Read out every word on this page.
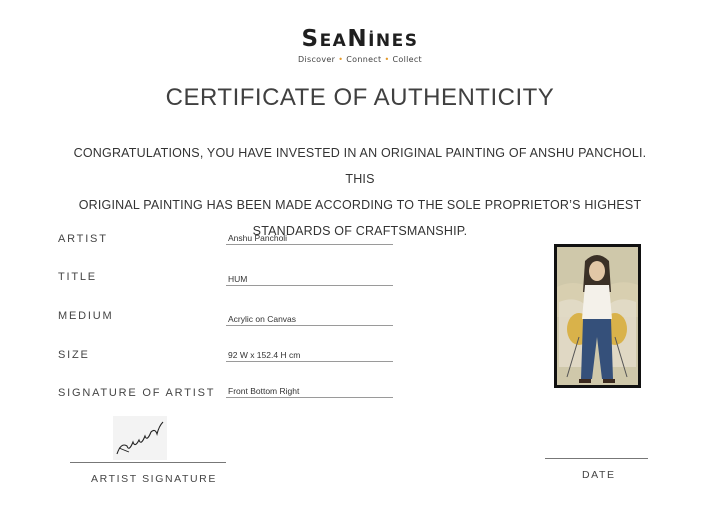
SEANINES
Discover • Connect • Collect
CERTIFICATE OF AUTHENTICITY
CONGRATULATIONS, YOU HAVE INVESTED IN AN ORIGINAL PAINTING OF ANSHU PANCHOLI. THIS
ORIGINAL PAINTING HAS BEEN MADE ACCORDING TO THE SOLE PROPRIETOR’S HIGHEST
STANDARDS OF CRAFTSMANSHIP.
ARTIST	Anshu Pancholi
TITLE	HUM
MEDIUM	Acrylic on Canvas
SIZE	92 W x 152.4 H cm
SIGNATURE OF ARTIST Front Bottom Right
ARTIST SIGNATURE	DATE
